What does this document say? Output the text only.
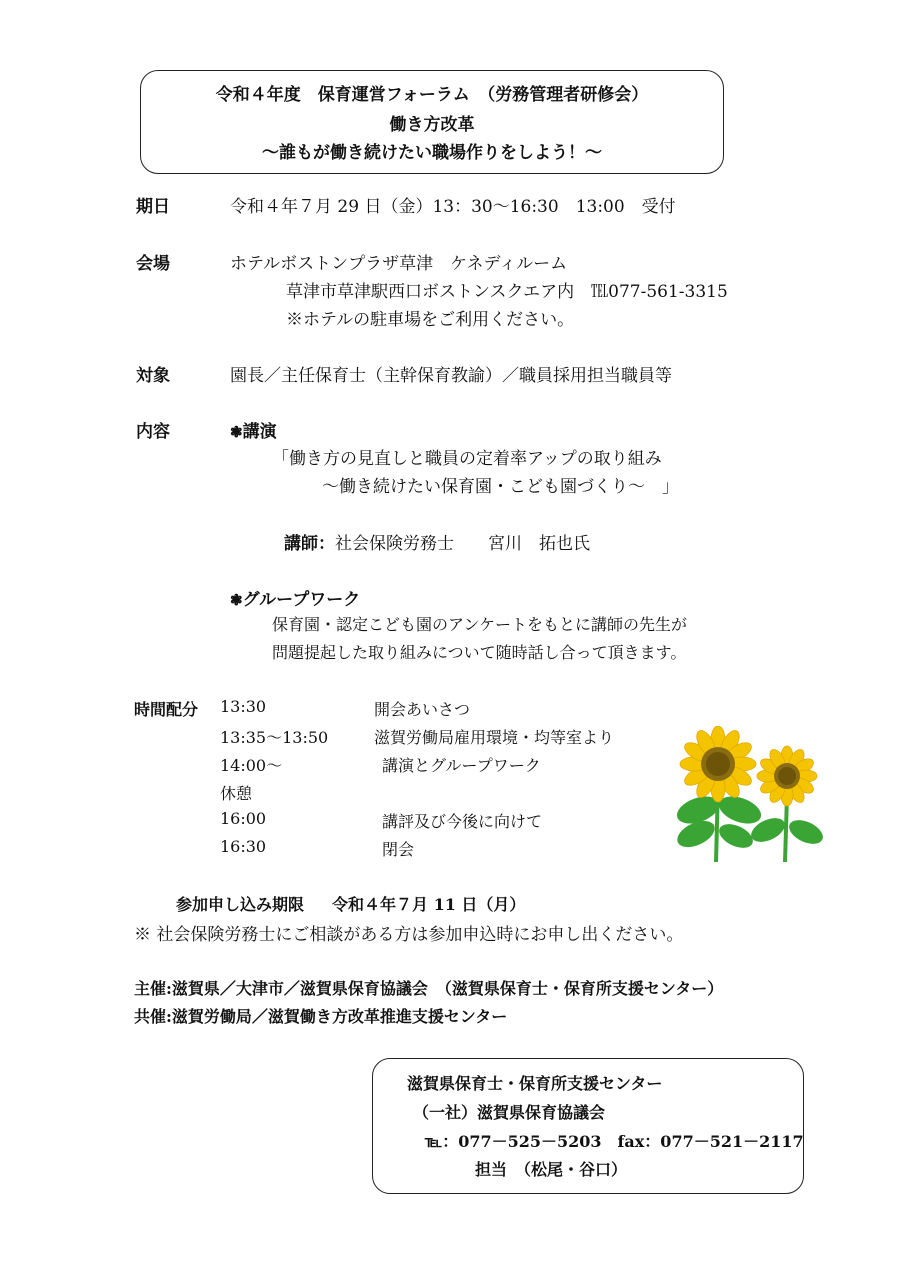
令和４年度　保育運営フォーラム　（労務管理者研修会）
働き方改革
～誰もが働き続けたい職場作りをしよう！～
期日	令和４年７月 29 日（金）13：30～16:30　13:00　受付
会場	ホテルボストンプラザ草津　ケネディルーム
草津市草津駅西口ボストンスクエア内　℡077-561-3315
※ホテルの駐車場をご利用ください。
対象	園長／主任保育士（主幹保育教諭）／職員採用担当職員等
内容	❃講演
「働き方の見直しと職員の定着率アップの取り組み
～働き続けたい保育園・こども園づくり～　」
講師：社会保険労務士　　宮川　拓也氏
❃グループワーク
保育園・認定こども園のアンケートをもとに講師の先生が
問題提起した取り組みについて随時話し合って頂きます。
時間配分 13:30	開会あいさつ
13:35～13:50	滋賀労働局雇用環境・均等室より
14:00～	講演とグループワーク
休憩
16:00	講評及び今後に向けて
16:30	閉会
参加申し込み期限 令和４年７月 11 日（月）
※ 社会保険労務士にご相談がある方は参加申込時にお申し出ください。
主催:滋賀県／大津市／滋賀県保育協議会　（滋賀県保育士・保育所支援センター）
共催:滋賀労働局／滋賀働き方改革推進支援センター
滋賀県保育士・保育所支援センター
（一社）滋賀県保育協議会
℡：077－525－5203　fax：077－521－2117
担当　（松尾・谷口）
